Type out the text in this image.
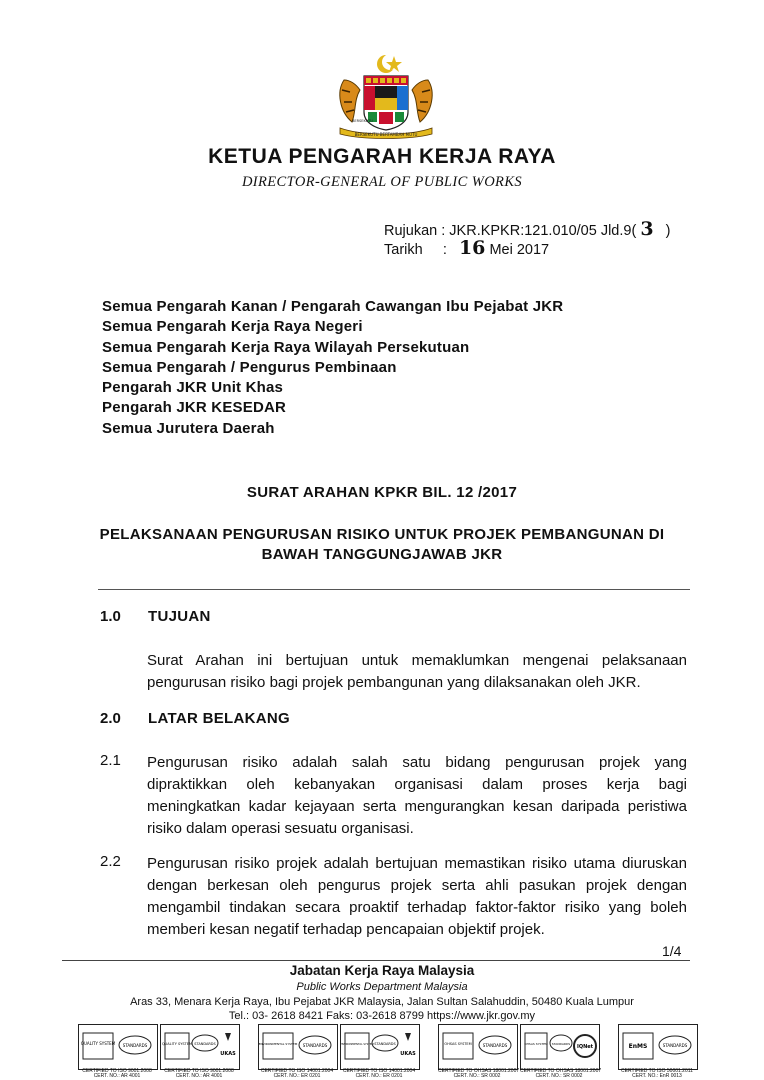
BERSEKUTU BERTAMBAH MUTU
BERSEKUTU
KETUA PENGARAH KERJA RAYA
DIRECTOR-GENERAL OF PUBLIC WORKS
Rujukan : JKR.KPKR:121.010/05 Jld.9( 3 )
Tarikh     :   16 Mei 2017
Semua Pengarah Kanan / Pengarah Cawangan Ibu Pejabat JKR
Semua Pengarah Kerja Raya Negeri
Semua Pengarah Kerja Raya Wilayah Persekutuan
Semua Pengarah / Pengurus Pembinaan
Pengarah JKR Unit Khas
Pengarah JKR KESEDAR
Semua Jurutera Daerah
SURAT ARAHAN KPKR BIL. 12 /2017
PELAKSANAAN PENGURUSAN RISIKO UNTUK PROJEK PEMBANGUNAN DI
BAWAH TANGGUNGJAWAB JKR
1.0 TUJUAN
Surat Arahan ini bertujuan untuk memaklumkan mengenai pelaksanaan
pengurusan risiko bagi projek pembangunan yang dilaksanakan oleh JKR.
2.0 LATAR BELAKANG
2.1 Pengurusan risiko adalah salah satu bidang pengurusan projek yang
dipraktikkan oleh kebanyakan organisasi dalam proses kerja bagi
meningkatkan kadar kejayaan serta mengurangkan kesan daripada peristiwa
risiko dalam operasi sesuatu organisasi.
2.2 Pengurusan risiko projek adalah bertujuan memastikan risiko utama diuruskan
dengan berkesan oleh pengurus projek serta ahli pasukan projek dengan
mengambil tindakan secara proaktif terhadap faktor-faktor risiko yang boleh
memberi kesan negatif terhadap pencapaian objektif projek.
1/4
Jabatan Kerja Raya Malaysia
Public Works Department Malaysia
Aras 33, Menara Kerja Raya, Ibu Pejabat JKR Malaysia, Jalan Sultan Salahuddin, 50480 Kuala Lumpur
Tel.: 03- 2618 8421 Faks: 03-2618 8799 https://www.jkr.gov.my
QUALITY SYSTEM STANDARDS
CERTIFIED TO ISO 9001:2008
CERT. NO.: AR 4001
QUALITY SYSTEM STANDARDS
UKAS
CERTIFIED TO ISO 9001:2008
CERT. NO.: AR 4001
ENVIRONMENTAL SYSTEM STANDARDS
CERTIFIED TO ISO 14001:2004
CERT. NO.: ER 0201
ENVIRONMENTAL SYSTEM STANDARDS
UKAS
CERTIFIED TO ISO 14001:2004
CERT. NO.: ER 0201
OHSAS SYSTEM	STANDARDS
CERTIFIED TO OHSAS 18001:2007
CERT. NO.: SR 0002
OHSAS SYSTEM STANDARDS IQNet
CERTIFIED TO OHSAS 18001:2007
CERT. NO.: SR 0002
EnMS	STANDARDS
CERTIFIED TO ISO 50001:2011
CERT. NO.: EnR 0013
